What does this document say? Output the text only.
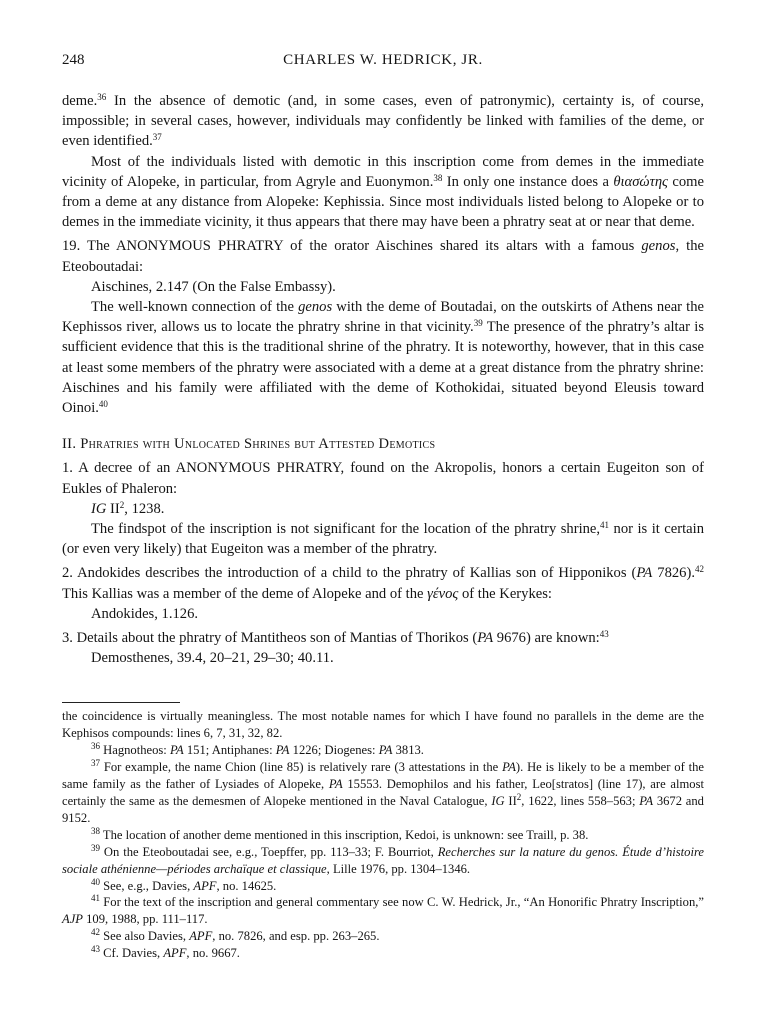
248	CHARLES W. HEDRICK, JR.

deme.$^{36}$ In the absence of demotic (and, in some cases, even of patronymic), certainty is, of course, impossible; in several cases, however, individuals may confidently be linked with families of the deme, or even identified.$^{37}$

Most of the individuals listed with demotic in this inscription come from demes in the immediate vicinity of Alopeke, in particular, from Agryle and Euonymon.$^{38}$ In only one instance does a θιασώτης come from a deme at any distance from Alopeke: Kephissia. Since most individuals listed belong to Alopeke or to demes in the immediate vicinity, it thus appears that there may have been a phratry seat at or near that deme.

19. The ANONYMOUS PHRATRY of the orator Aischines shared its altars with a famous genos, the Eteoboutadai:

Aischines, 2.147 (On the False Embassy).

The well-known connection of the genos with the deme of Boutadai, on the outskirts of Athens near the Kephissos river, allows us to locate the phratry shrine in that vicinity.$^{39}$ The presence of the phratry’s altar is sufficient evidence that this is the traditional shrine of the phratry. It is noteworthy, however, that in this case at least some members of the phratry were associated with a deme at a great distance from the phratry shrine: Aischines and his family were affiliated with the deme of Kothokidai, situated beyond Eleusis toward Oinoi.$^{40}$

II. Phratries with Unlocated Shrines but Attested Demotics

1. A decree of an ANONYMOUS PHRATRY, found on the Akropolis, honors a certain Eugeiton son of Eukles of Phaleron:

IG $II^2$, 1238.

The findspot of the inscription is not significant for the location of the phratry shrine,$^{41}$ nor is it certain (or even very likely) that Eugeiton was a member of the phratry.

2. Andokides describes the introduction of a child to the phratry of Kallias son of Hipponikos (PA 7826).$^{42}$ This Kallias was a member of the deme of Alopeke and of the γένος of the Kerykes:

Andokides, 1.126.

3. Details about the phratry of Mantitheos son of Mantias of Thorikos (PA 9676) are known:$^{43}$

Demosthenes, 39.4, 20–21, 29–30; 40.11.

the coincidence is virtually meaningless. The most notable names for which I have found no parallels in the deme are the Kephisos compounds: lines 6, 7, 31, 32, 82.

$^{36}$ Hagnotheos: PA 151; Antiphanes: PA 1226; Diogenes: PA 3813.

$^{37}$ For example, the name Chion (line 85) is relatively rare (3 attestations in the PA). He is likely to be a member of the same family as the father of Lysiades of Alopeke, PA 15553. Demophilos and his father, Leo[stratos] (line 17), are almost certainly the same as the demesmen of Alopeke mentioned in the Naval Catalogue, IG $II^2$, 1622, lines 558–563; PA 3672 and 9152.

$^{38}$ The location of another deme mentioned in this inscription, Kedoi, is unknown: see Traill, p. 38.

$^{39}$ On the Eteoboutadai see, e.g., Toepffer, pp. 113–33; F. Bourriot, Recherches sur la nature du genos. Étude d’histoire sociale athénienne—périodes archaïque et classique, Lille 1976, pp. 1304–1346.

$^{40}$ See, e.g., Davies, APF, no. 14625.

$^{41}$ For the text of the inscription and general commentary see now C. W. Hedrick, Jr., “An Honorific Phratry Inscription,” AJP 109, 1988, pp. 111–117.

$^{42}$ See also Davies, APF, no. 7826, and esp. pp. 263–265.

$^{43}$ Cf. Davies, APF, no. 9667.
